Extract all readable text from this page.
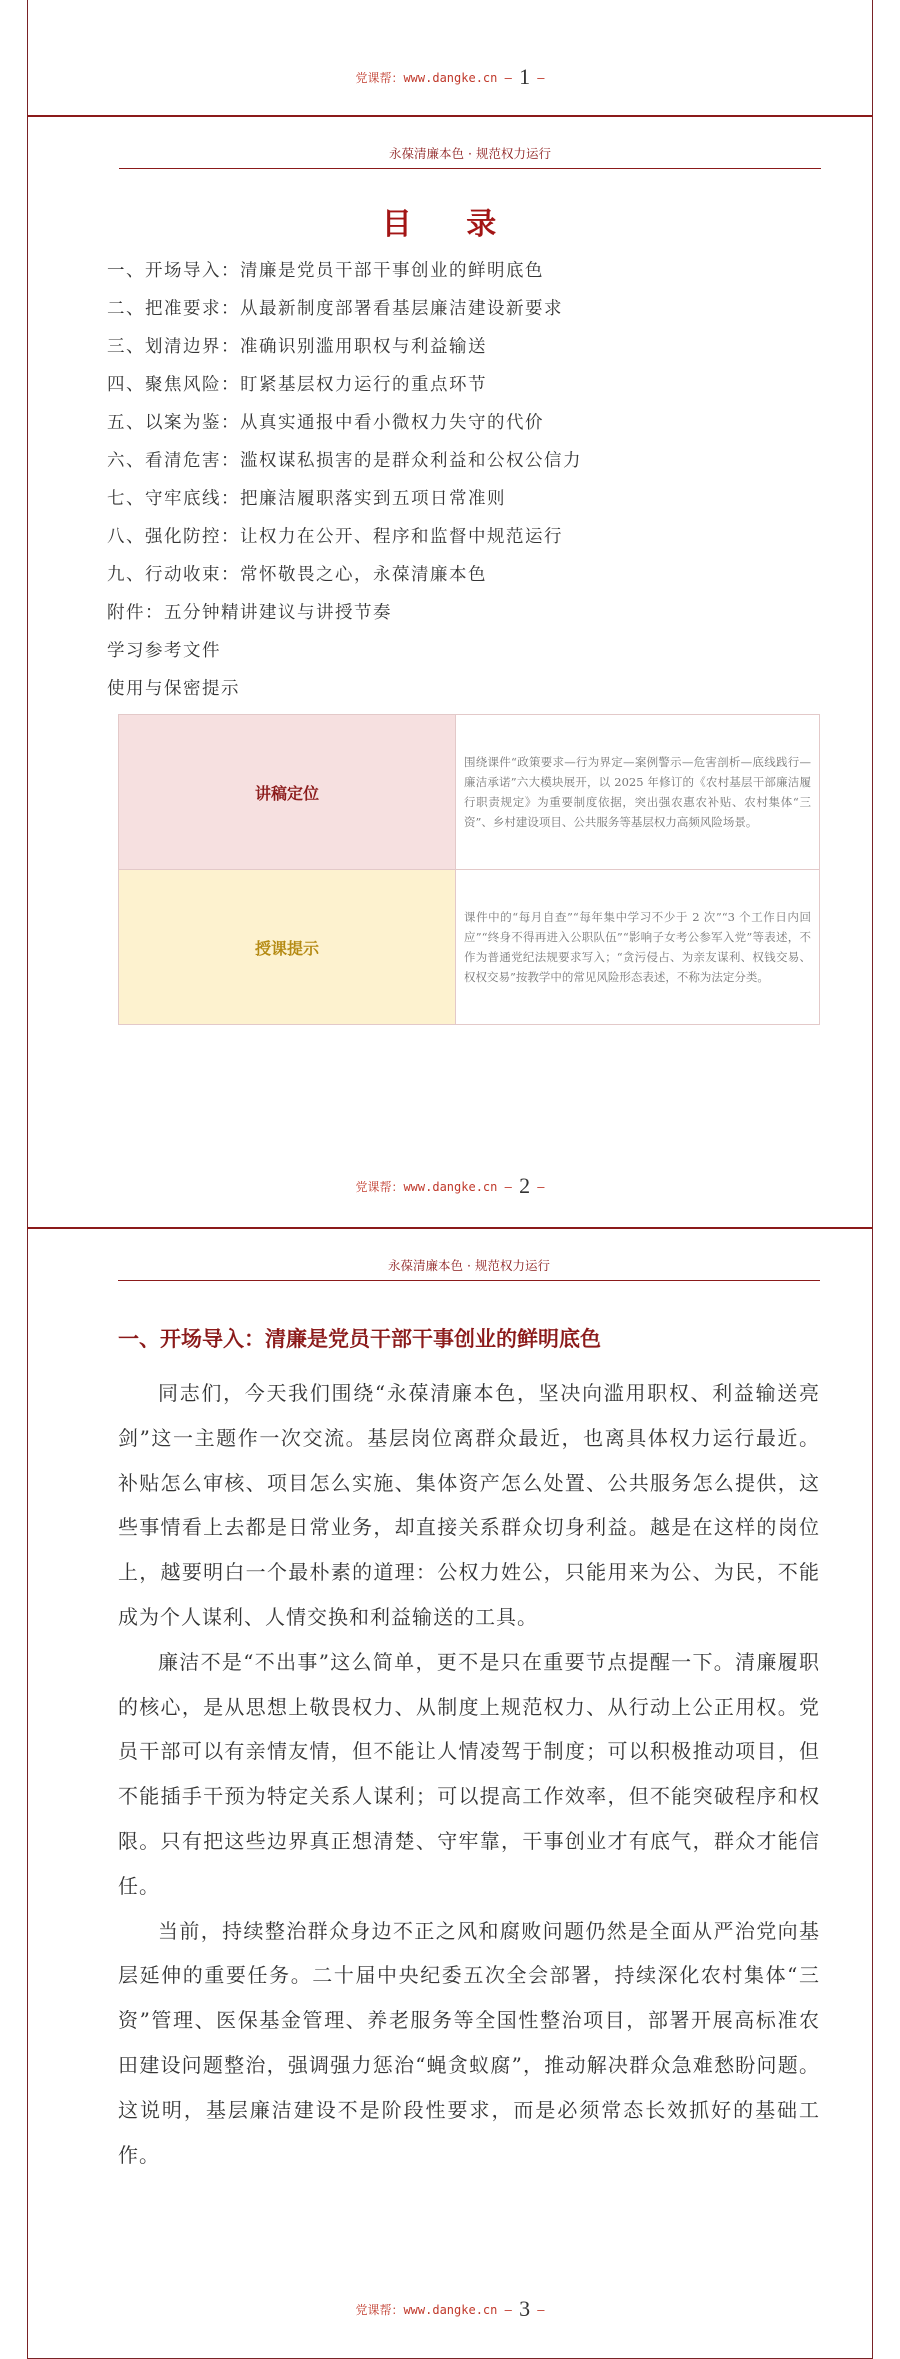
党课帮：www.dangke.cn — 1 —
永葆清廉本色 · 规范权力运行
目 录
一、开场导入：清廉是党员干部干事创业的鲜明底色
二、把准要求：从最新制度部署看基层廉洁建设新要求
三、划清边界：准确识别滥用职权与利益输送
四、聚焦风险：盯紧基层权力运行的重点环节
五、以案为鉴：从真实通报中看小微权力失守的代价
六、看清危害：滥权谋私损害的是群众利益和公权公信力
七、守牢底线：把廉洁履职落实到五项日常准则
八、强化防控：让权力在公开、程序和监督中规范运行
九、行动收束：常怀敬畏之心，永葆清廉本色
附件：五分钟精讲建议与讲授节奏
学习参考文件
使用与保密提示
讲稿定位	围绕课件“政策要求—行为界定—案例警示—危害剖析—底线践行—廉洁承诺”六大模块展开，以 2025 年修订的《农村基层干部廉洁履行职责规定》为重要制度依据，突出强农惠农补贴、农村集体“三资”、乡村建设项目、公共服务等基层权力高频风险场景。
授课提示	课件中的“每月自查”“每年集中学习不少于 2 次”“3 个工作日内回应”“终身不得再进入公职队伍”“影响子女考公参军入党”等表述，不作为普通党纪法规要求写入；“贪污侵占、为亲友谋利、权钱交易、权权交易”按教学中的常见风险形态表述，不称为法定分类。
党课帮：www.dangke.cn — 2 —
永葆清廉本色 · 规范权力运行
一、开场导入：清廉是党员干部干事创业的鲜明底色

同志们，今天我们围绕“永葆清廉本色，坚决向滥用职权、利益输送亮剑”这一主题作一次交流。基层岗位离群众最近，也离具体权力运行最近。补贴怎么审核、项目怎么实施、集体资产怎么处置、公共服务怎么提供，这些事情看上去都是日常业务，却直接关系群众切身利益。越是在这样的岗位上，越要明白一个最朴素的道理：公权力姓公，只能用来为公、为民，不能成为个人谋利、人情交换和利益输送的工具。

廉洁不是“不出事”这么简单，更不是只在重要节点提醒一下。清廉履职的核心，是从思想上敬畏权力、从制度上规范权力、从行动上公正用权。党员干部可以有亲情友情，但不能让人情凌驾于制度；可以积极推动项目，但不能插手干预为特定关系人谋利；可以提高工作效率，但不能突破程序和权限。只有把这些边界真正想清楚、守牢靠，干事创业才有底气，群众才能信任。

当前，持续整治群众身边不正之风和腐败问题仍然是全面从严治党向基层延伸的重要任务。二十届中央纪委五次全会部署，持续深化农村集体“三资”管理、医保基金管理、养老服务等全国性整治项目，部署开展高标准农田建设问题整治，强调强力惩治“蝇贪蚁腐”，推动解决群众急难愁盼问题。这说明，基层廉洁建设不是阶段性要求，而是必须常态长效抓好的基础工作。

党课帮：www.dangke.cn — 3 —
